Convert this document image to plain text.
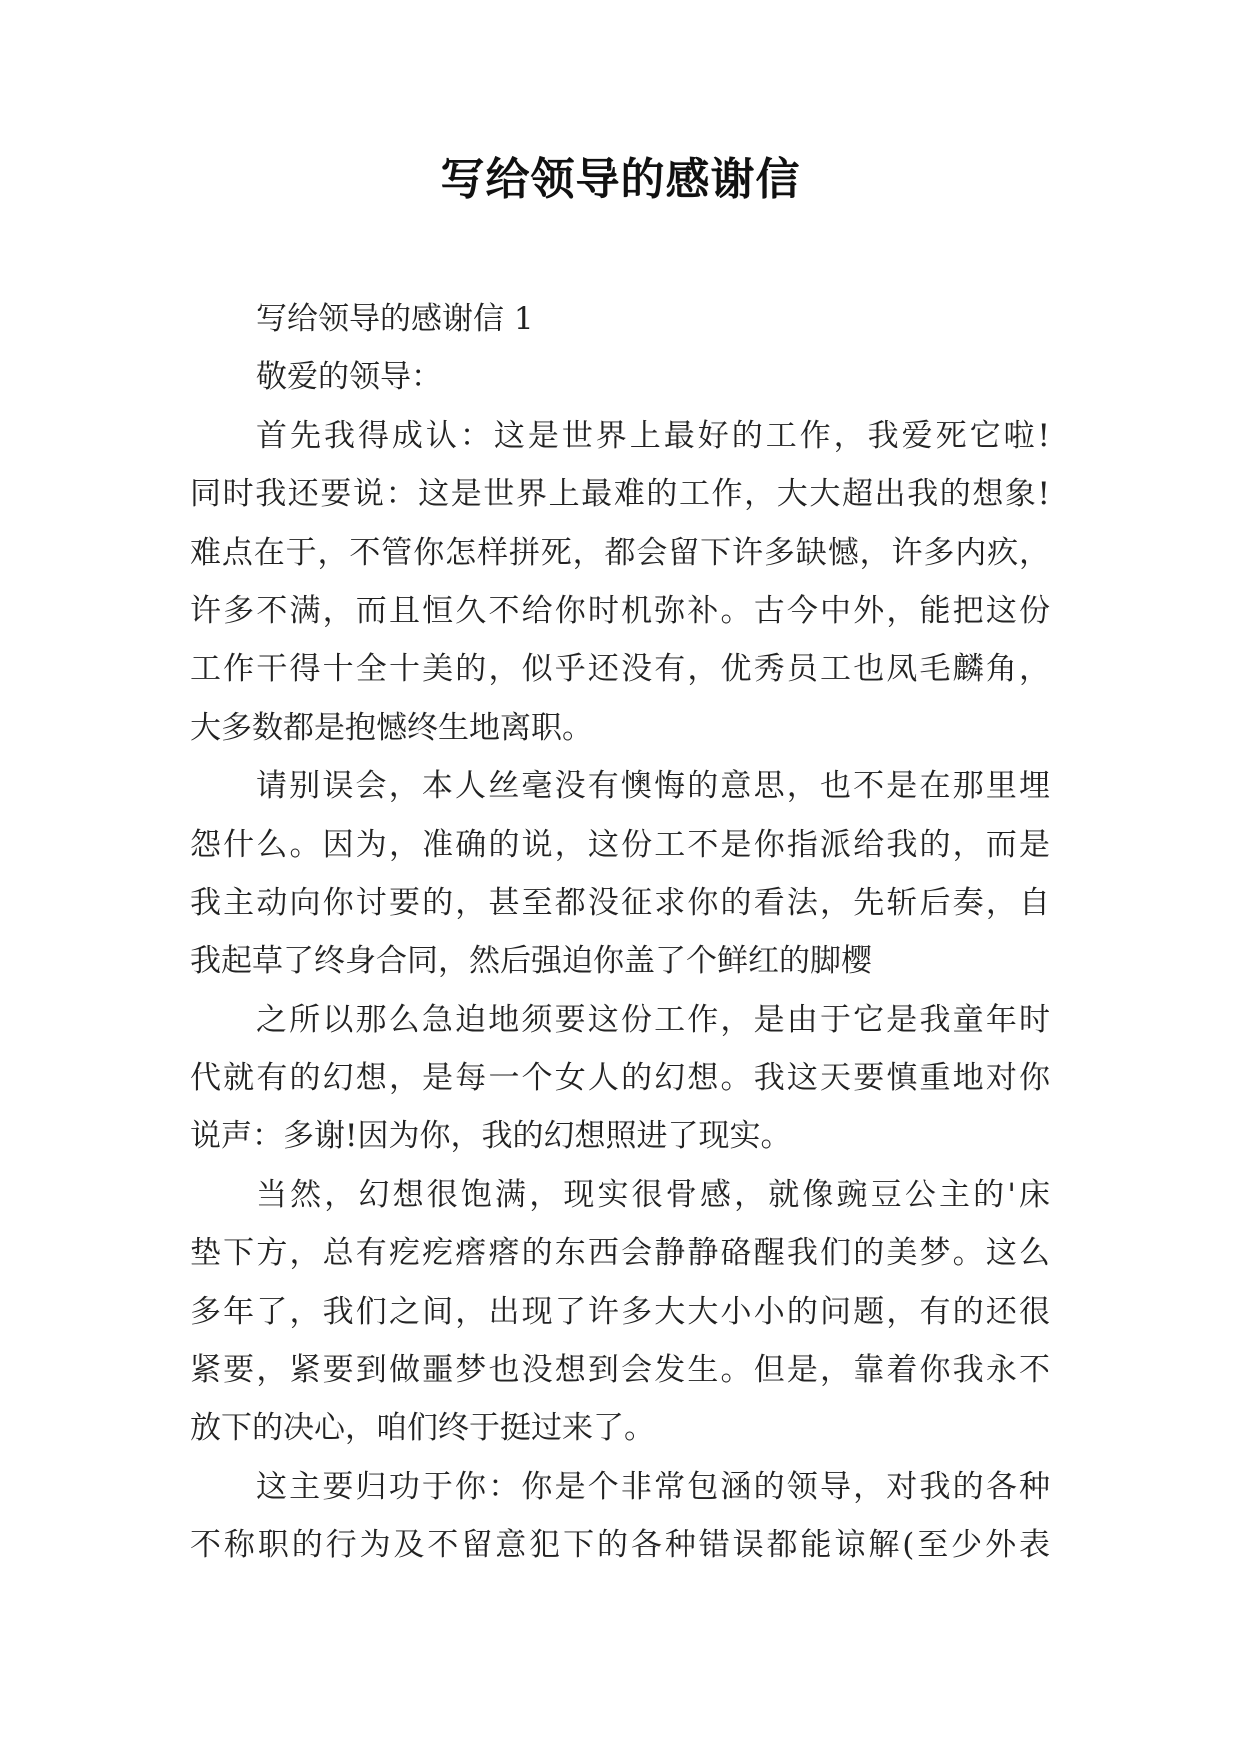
写给领导的感谢信
写给领导的感谢信 1
敬爱的领导：
首先我得成认：这是世界上最好的工作，我爱死它啦!
同时我还要说：这是世界上最难的工作，大大超出我的想象!
难点在于，不管你怎样拼死，都会留下许多缺憾，许多内疚，
许多不满，而且恒久不给你时机弥补。古今中外，能把这份
工作干得十全十美的，似乎还没有，优秀员工也凤毛麟角，
大多数都是抱憾终生地离职。
请别误会，本人丝毫没有懊悔的意思，也不是在那里埋
怨什么。因为，准确的说，这份工不是你指派给我的，而是
我主动向你讨要的，甚至都没征求你的看法，先斩后奏，自
我起草了终身合同，然后强迫你盖了个鲜红的脚樱
之所以那么急迫地须要这份工作，是由于它是我童年时
代就有的幻想，是每一个女人的幻想。我这天要慎重地对你
说声：多谢!因为你，我的幻想照进了现实。
当然，幻想很饱满，现实很骨感，就像豌豆公主的'床
垫下方，总有疙疙瘩瘩的东西会静静硌醒我们的美梦。这么
多年了，我们之间，出现了许多大大小小的问题，有的还很
紧要，紧要到做噩梦也没想到会发生。但是，靠着你我永不
放下的决心，咱们终于挺过来了。
这主要归功于你：你是个非常包涵的领导，对我的各种
不称职的行为及不留意犯下的各种错误都能谅解(至少外表
